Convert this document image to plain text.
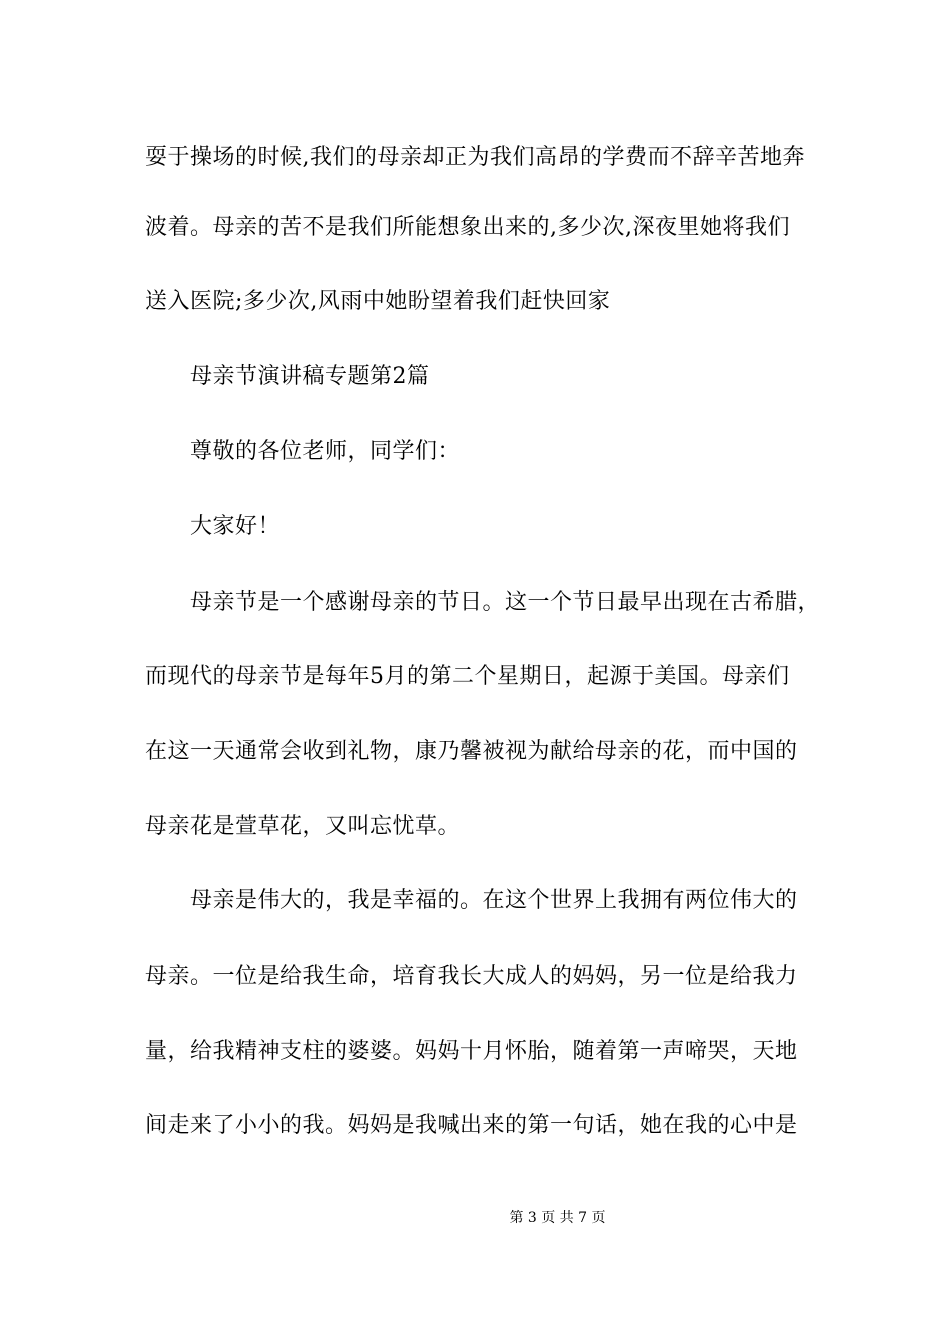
耍于操场的时候,我们的母亲却正为我们高昂的学费而不辞辛苦地奔
波着。母亲的苦不是我们所能想象出来的,多少次,深夜里她将我们
送入医院;多少次,风雨中她盼望着我们赶快回家
母亲节演讲稿专题第2篇
尊敬的各位老师，同学们：
大家好！
母亲节是一个感谢母亲的节日。这一个节日最早出现在古希腊，
而现代的母亲节是每年5月的第二个星期日，起源于美国。母亲们
在这一天通常会收到礼物，康乃馨被视为献给母亲的花，而中国的
母亲花是萱草花，又叫忘忧草。
母亲是伟大的，我是幸福的。在这个世界上我拥有两位伟大的
母亲。一位是给我生命，培育我长大成人的妈妈，另一位是给我力
量，给我精神支柱的婆婆。妈妈十月怀胎，随着第一声啼哭，天地
间走来了小小的我。妈妈是我喊出来的第一句话，她在我的心中是
第 3 页 共 7 页
